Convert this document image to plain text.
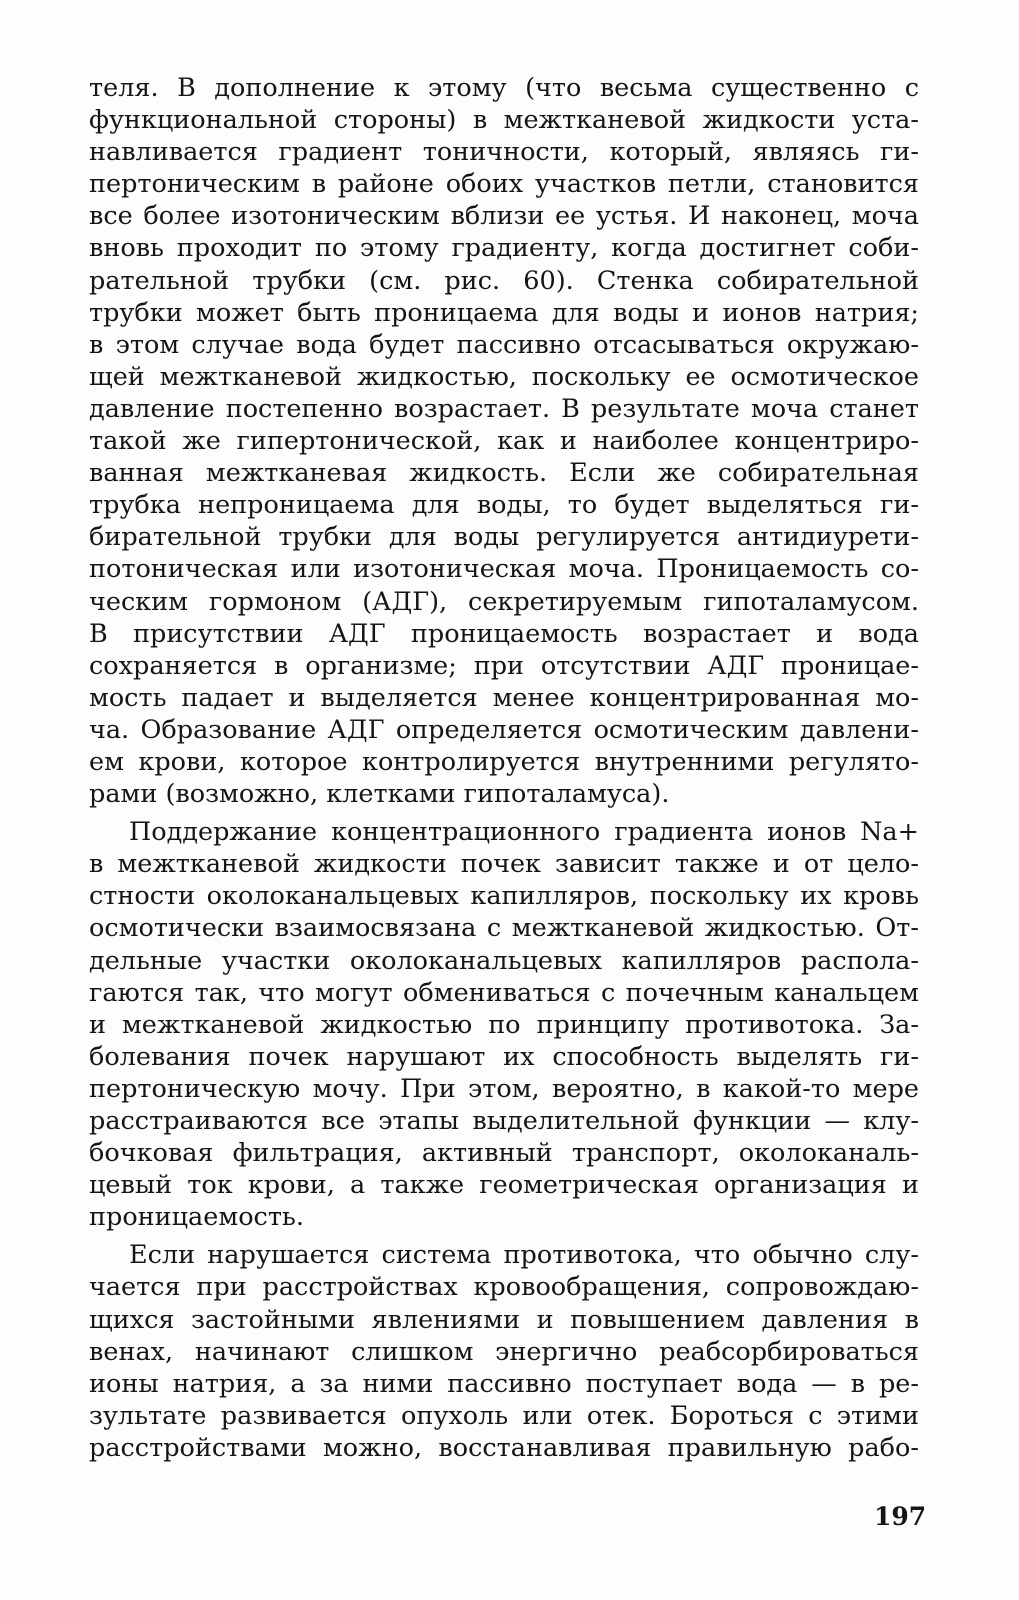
теля. В дополнение к этому (что весьма существенно с
функциональной стороны) в межтканевой жидкости уста-
навливается градиент тоничности, который, являясь ги-
пертоническим в районе обоих участков петли, становится
все более изотоническим вблизи ее устья. И наконец, моча
вновь проходит по этому градиенту, когда достигнет соби-
рательной трубки (см. рис. 60). Стенка собирательной
трубки может быть проницаема для воды и ионов натрия;
в этом случае вода будет пассивно отсасываться окружаю-
щей межтканевой жидкостью, поскольку ее осмотическое
давление постепенно возрастает. В результате моча станет
такой же гипертонической, как и наиболее концентриро-
ванная межтканевая жидкость. Если же собирательная
трубка непроницаема для воды, то будет выделяться ги-
бирательной трубки для воды регулируется антидиурети-
потоническая или изотоническая моча. Проницаемость со-
ческим гормоном (АДГ), секретируемым гипоталамусом.
В присутствии АДГ проницаемость возрастает и вода
сохраняется в организме; при отсутствии АДГ проницае-
мость падает и выделяется менее концентрированная мо-
ча. Образование АДГ определяется осмотическим давлени-
ем крови, которое контролируется внутренними регулято-
рами (возможно, клетками гипоталамуса).
Поддержание концентрационного градиента ионов Na+
в межтканевой жидкости почек зависит также и от цело-
стности околоканальцевых капилляров, поскольку их кровь
осмотически взаимосвязана с межтканевой жидкостью. От-
дельные участки околоканальцевых капилляров распола-
гаются так, что могут обмениваться с почечным канальцем
и межтканевой жидкостью по принципу противотока. За-
болевания почек нарушают их способность выделять ги-
пертоническую мочу. При этом, вероятно, в какой-то мере
расстраиваются все этапы выделительной функции — клу-
бочковая фильтрация, активный транспорт, околоканаль-
цевый ток крови, а также геометрическая организация и
проницаемость.
Если нарушается система противотока, что обычно слу-
чается при расстройствах кровообращения, сопровождаю-
щихся застойными явлениями и повышением давления в
венах, начинают слишком энергично реабсорбироваться
ионы натрия, а за ними пассивно поступает вода — в ре-
зультате развивается опухоль или отек. Бороться с этими
расстройствами можно, восстанавливая правильную рабо-
197
